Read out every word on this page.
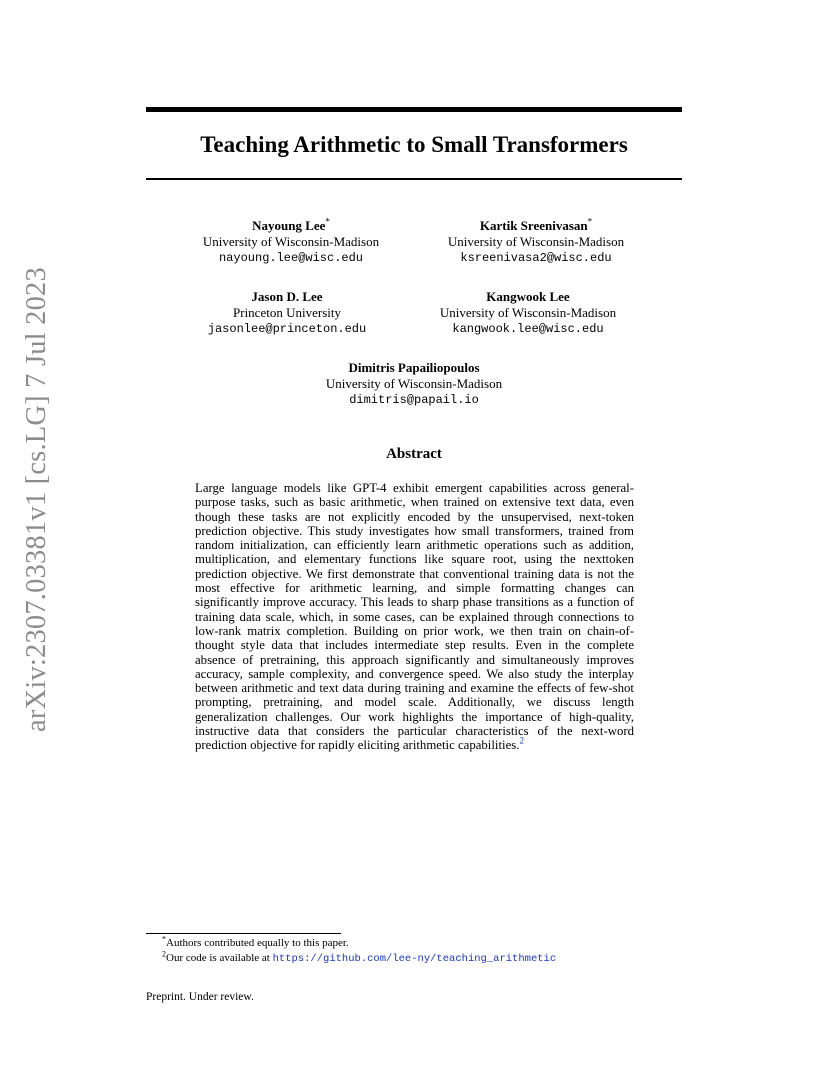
arXiv:2307.03381v1 [cs.LG] 7 Jul 2023
Teaching Arithmetic to Small Transformers
Nayoung Lee*
University of Wisconsin-Madison
nayoung.lee@wisc.edu
Kartik Sreenivasan*
University of Wisconsin-Madison
ksreenivasa2@wisc.edu
Jason D. Lee
Princeton University
jasonlee@princeton.edu
Kangwook Lee
University of Wisconsin-Madison
kangwook.lee@wisc.edu
Dimitris Papailiopoulos
University of Wisconsin-Madison
dimitris@papail.io
Abstract
Large language models like GPT-4 exhibit emergent capabilities across generalpurpose tasks, such as basic arithmetic, when trained on extensive text data, even though these tasks are not explicitly encoded by the unsupervised, next-token prediction objective. This study investigates how small transformers, trained from random initialization, can efficiently learn arithmetic operations such as addition, multiplication, and elementary functions like square root, using the nexttoken prediction objective. We first demonstrate that conventional training data is not the most effective for arithmetic learning, and simple formatting changes can significantly improve accuracy. This leads to sharp phase transitions as a function of training data scale, which, in some cases, can be explained through connections to low-rank matrix completion. Building on prior work, we then train on chain-of-thought style data that includes intermediate step results. Even in the complete absence of pretraining, this approach significantly and simultaneously improves accuracy, sample complexity, and convergence speed. We also study the interplay between arithmetic and text data during training and examine the effects of few-shot prompting, pretraining, and model scale. Additionally, we discuss length generalization challenges. Our work highlights the importance of high-quality, instructive data that considers the particular characteristics of the next-word prediction objective for rapidly eliciting arithmetic capabilities.$^2$
*Authors contributed equally to this paper.
$^2$Our code is available at https://github.com/lee-ny/teaching_arithmetic
Preprint. Under review.
